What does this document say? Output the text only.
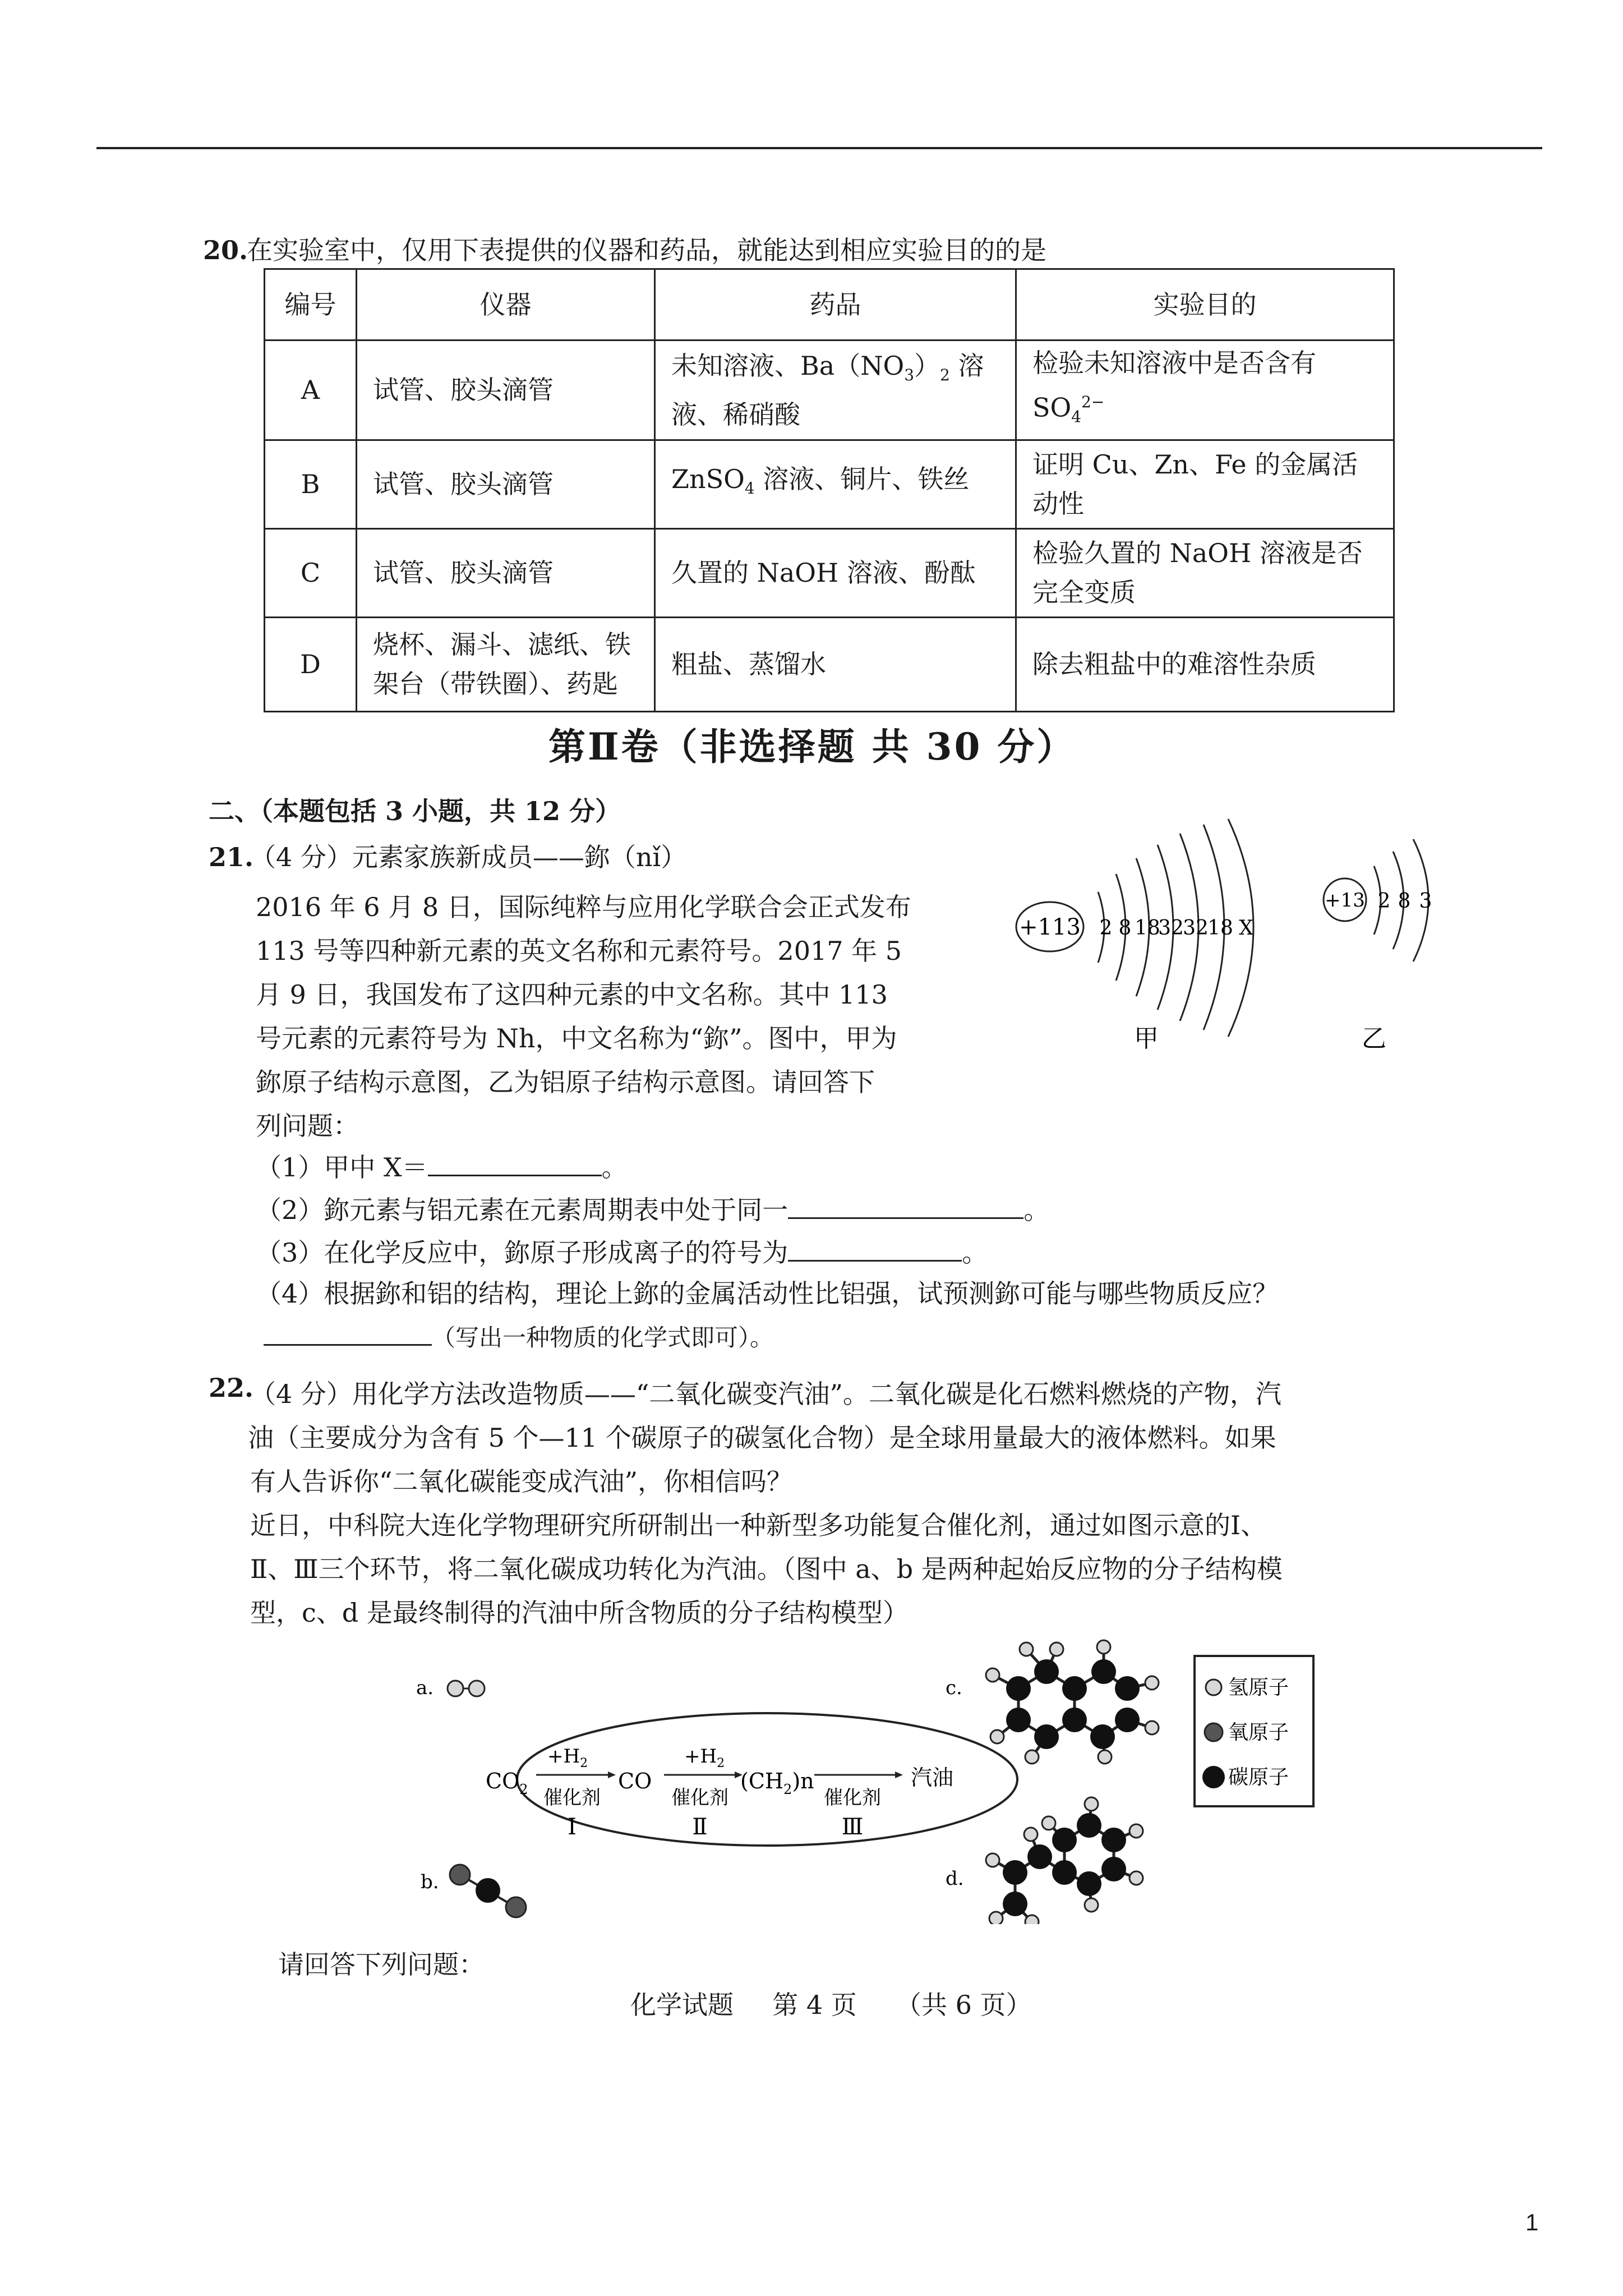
20.
在实验室中，仅用下表提供的仪器和药品，就能达到相应实验目的的是
编号	仪器	药品	实验目的
A	试管、胶头滴管	未知溶液、$Ba(NO_3)_2$ 溶液、稀硝酸	检验未知溶液中是否含有$SO_4^{2-}$
B	试管、胶头滴管	ZnSO$_4$ 溶液、铜片、铁丝	证明 Cu、Zn、Fe 的金属活动性
C	试管、胶头滴管	久置的 NaOH 溶液、酚酞	检验久置的 NaOH 溶液是否完全变质
D	烧杯、漏斗、滤纸、铁架台（带铁圈）、药匙	粗盐、蒸馏水	除去粗盐中的难溶性杂质
第Ⅱ卷（非选择题 共 30 分）
二、（本题包括 3 小题，共 12 分）
21.
（4 分）元素家族新成员——鉨（nǐ）
2016 年 6 月 8 日，国际纯粹与应用化学联合会正式发布
113 号等四种新元素的英文名称和元素符号。2017 年 5
月 9 日，我国发布了这四种元素的中文名称。其中 113
号元素的元素符号为 Nh，中文名称为“鉨”。图中，甲为
鉨原子结构示意图，乙为铝原子结构示意图。请回答下
列问题：
+113 2 8 18
32
32
18 X
甲
+13 2 8 3
乙
（1）甲中 X＝	。
（2）鉨元素与铝元素在元素周期表中处于同一	。
（3）在化学反应中，鉨原子形成离子的符号为	。
（4）根据鉨和铝的结构，理论上鉨的金属活动性比铝强，试预测鉨可能与哪些物质反应？
（写出一种物质的化学式即可）。
22.
（4 分）用化学方法改造物质——“二氧化碳变汽油”。二氧化碳是化石燃料燃烧的产物，汽
油（主要成分为含有 5 个—11 个碳原子的碳氢化合物）是全球用量最大的液体燃料。如果
有人告诉你“二氧化碳能变成汽油”，你相信吗？
近日，中科院大连化学物理研究所研制出一种新型多功能复合催化剂，通过如图示意的Ⅰ、
Ⅱ、Ⅲ三个环节，将二氧化碳成功转化为汽油。（图中 a、b 是两种起始反应物的分子结构模
型，c、d 是最终制得的汽油中所含物质的分子结构模型）
a.
$CO_2$
$+H_2$
催化剂
Ⅰ
CO
$+H_2$
催化剂
Ⅱ
$(CH_2)n$
催化剂
Ⅲ
汽油
b.
c.
d.
氢原子
氧原子
碳原子
请回答下列问题：
化学试题 第 4 页 （共 6 页）
1
